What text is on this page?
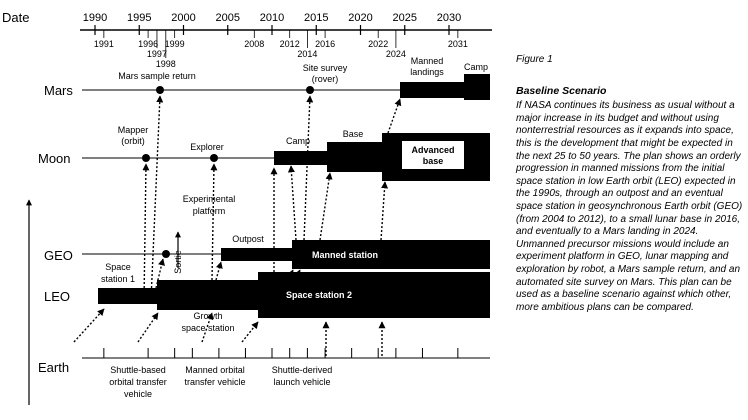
Date	1990 1995 2000 2005 2010 2015 2020 2025 2030
1991	1996
1997
1998
1999	2008 2012
2014
2016	2022
2024
2031
Mars
Moon
GEO
LEO
Earth
Mars sample return
Site survey
(rover)
Manned
landings Camp
Mapper
(orbit)
Explorer
Camp
Base
Advanced
base
Experimental
platform
Sortie
Outpost
Manned station
Space
station 1
Space station 2
Growth
space station
Shuttle-based
orbital transfer
vehicle
Manned orbital
transfer vehicle
Shuttle-derived
launch vehicle
Figure 1
Baseline Scenario
If NASA continues its business as usual without a major increase in its budget and without using nonterrestrial resources as it expands into space, this is the development that might be expected in the next 25 to 50 years. The plan shows an orderly progression in manned missions from the initial space station in low Earth orbit (LEO) expected in the 1990s, through an outpost and an eventual space station in geosynchronous Earth orbit (GEO) (from 2004 to 2012), to a small lunar base in 2016, and eventually to a Mars landing in 2024. Unmanned precursor missions would include an experiment platform in GEO, lunar mapping and exploration by robot, a Mars sample return, and an automated site survey on Mars. This plan can be used as a baseline scenario against which other, more ambitious plans can be compared.
